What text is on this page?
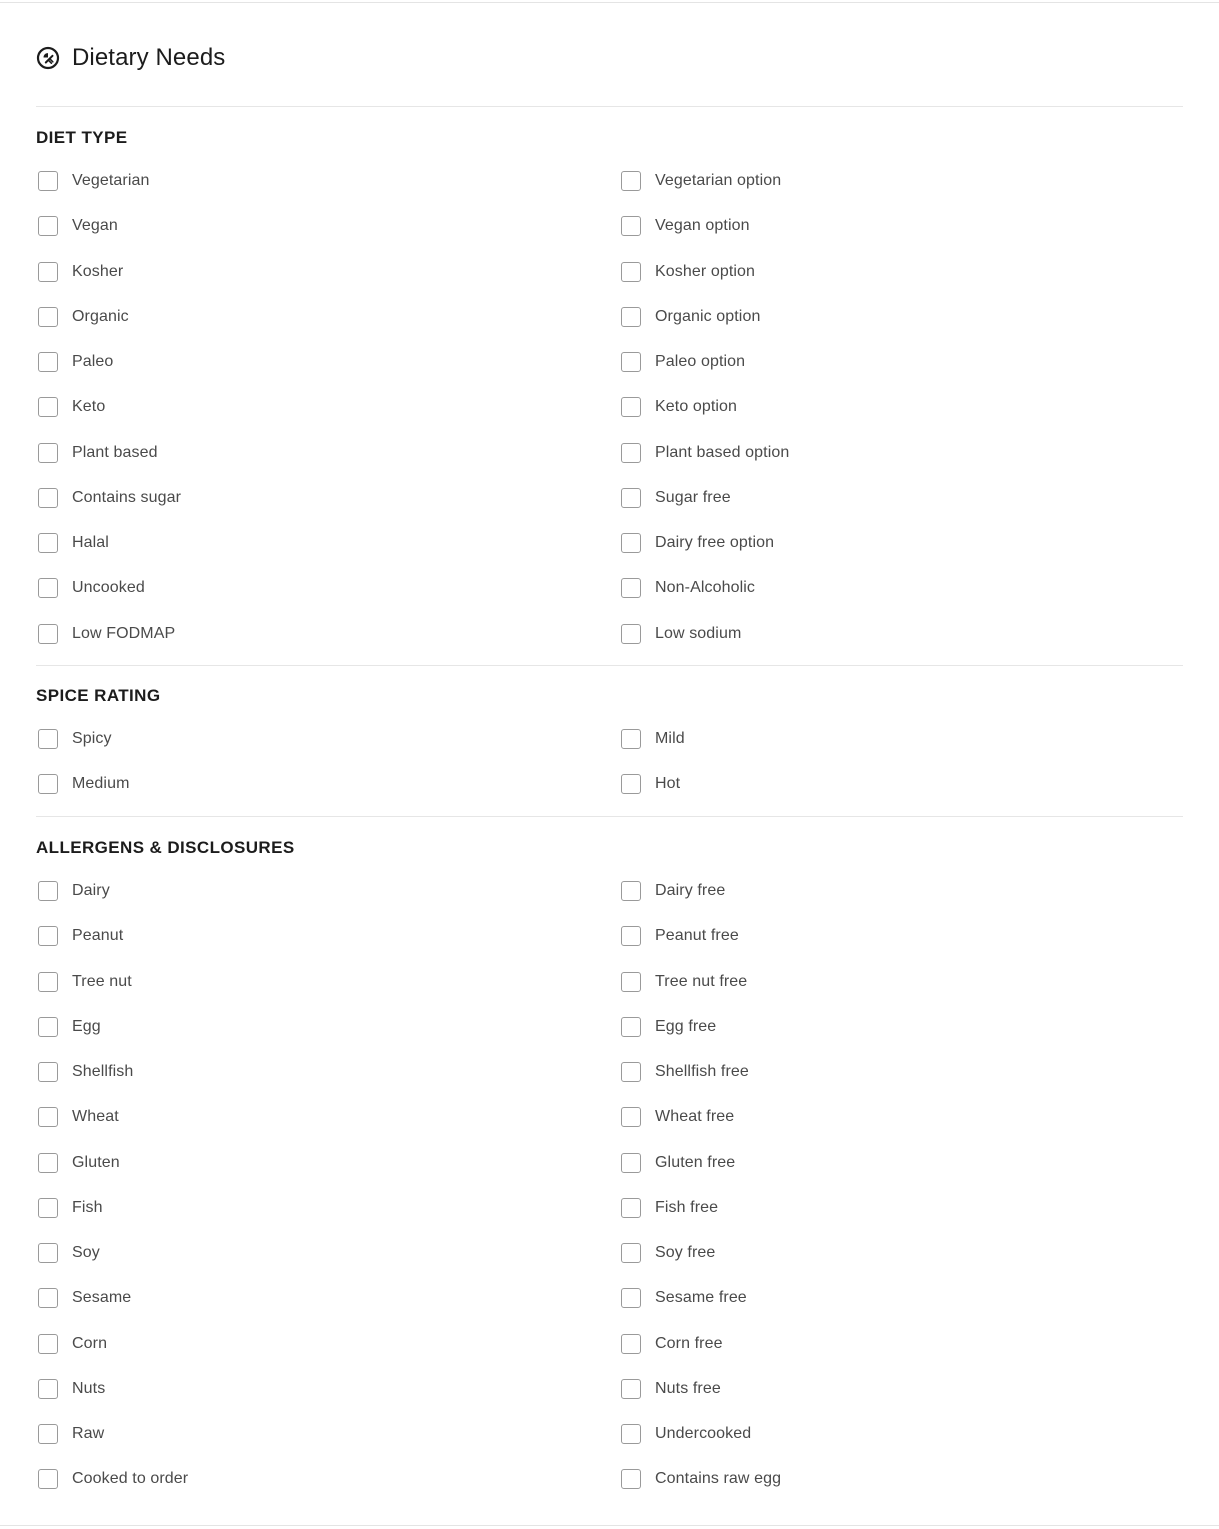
Dietary Needs
DIET TYPE
Vegetarian	Vegetarian option
Vegan	Vegan option
Kosher	Kosher option
Organic	Organic option
Paleo	Paleo option
Keto	Keto option
Plant based	Plant based option
Contains sugar	Sugar free
Halal	Dairy free option
Uncooked	Non-Alcoholic
Low FODMAP	Low sodium
SPICE RATING
Spicy	Mild
Medium	Hot
ALLERGENS & DISCLOSURES
Dairy	Dairy free
Peanut	Peanut free
Tree nut	Tree nut free
Egg	Egg free
Shellfish	Shellfish free
Wheat	Wheat free
Gluten	Gluten free
Fish	Fish free
Soy	Soy free
Sesame	Sesame free
Corn	Corn free
Nuts	Nuts free
Raw	Undercooked
Cooked to order	Contains raw egg
